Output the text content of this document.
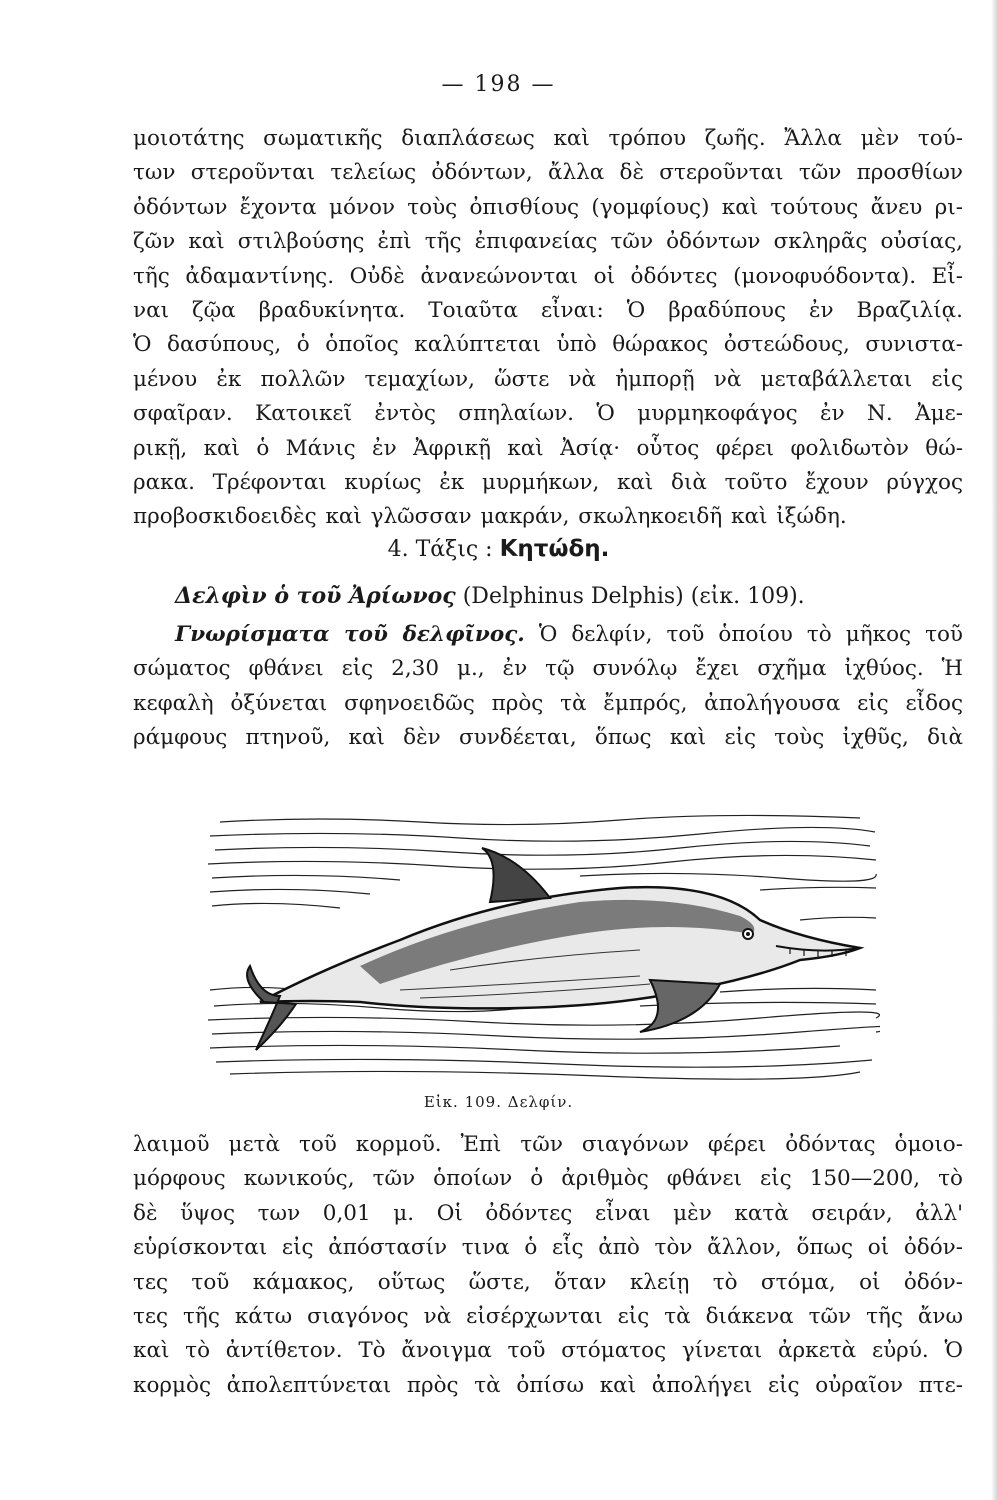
— 198 —
μοιοτάτης σωματικῆς διαπλάσεως καὶ τρόπου ζωῆς. Ἄλλα μὲν τού-
των στεροῦνται τελείως ὀδόντων, ἄλλα δὲ στεροῦνται τῶν προσθίων
ὀδόντων ἔχοντα μόνον τοὺς ὀπισθίους (γομφίους) καὶ τούτους ἄνευ ρι-
ζῶν καὶ στιλβούσης ἐπὶ τῆς ἐπιφανείας τῶν ὀδόντων σκληρᾶς οὐσίας,
τῆς ἀδαμαντίνης. Οὐδὲ ἀνανεώνονται οἱ ὀδόντες (μονοφυόδοντα). Εἶ-
ναι ζῷα βραδυκίνητα. Τοιαῦτα εἶναι: Ὁ βραδύπους ἐν Βραζιλίᾳ.
Ὁ δασύπους, ὁ ὁποῖος καλύπτεται ὑπὸ θώρακος ὀστεώδους, συνιστα-
μένου ἐκ πολλῶν τεμαχίων, ὥστε νὰ ἠμπορῇ νὰ μεταβάλλεται εἰς
σφαῖραν. Κατοικεῖ ἐντὸς σπηλαίων. Ὁ μυρμηκοφάγος ἐν Ν. Ἀμε-
ρικῇ, καὶ ὁ Μάνις ἐν Ἀφρικῇ καὶ Ἀσίᾳ· οὗτος φέρει φολιδωτὸν θώ-
ρακα. Τρέφονται κυρίως ἐκ μυρμήκων, καὶ διὰ τοῦτο ἔχουν ρύγχος
προβοσκιδοειδὲς καὶ γλῶσσαν μακράν, σκωληκοειδῆ καὶ ἰξώδη.
4. Τάξις : Κητώδη.
Δελφὶν ὁ τοῦ Ἀρίωνος (Delphinus Delphis) (εἰκ. 109).
Γνωρίσματα τοῦ δελφῖνος. Ὁ δελφίν, τοῦ ὁποίου τὸ μῆκος τοῦ
σώματος φθάνει εἰς 2,30 μ., ἐν τῷ συνόλῳ ἔχει σχῆμα ἰχθύος. Ἡ
κεφαλὴ ὀξύνεται σφηνοειδῶς πρὸς τὰ ἔμπρός, ἀπολήγουσα εἰς εἶδος
ράμφους πτηνοῦ, καὶ δὲν συνδέεται, ὅπως καὶ εἰς τοὺς ἰχθῦς, διὰ
Εἰκ. 109. Δελφίν.
λαιμοῦ μετὰ τοῦ κορμοῦ. Ἐπὶ τῶν σιαγόνων φέρει ὀδόντας ὁμοιο-
μόρφους κωνικούς, τῶν ὁποίων ὁ ἀριθμὸς φθάνει εἰς 150—200, τὸ
δὲ ὕψος των 0,01 μ. Οἱ ὀδόντες εἶναι μὲν κατὰ σειράν, ἀλλ'
εὑρίσκονται εἰς ἀπόστασίν τινα ὁ εἷς ἀπὸ τὸν ἄλλον, ὅπως οἱ ὀδόν-
τες τοῦ κάμακος, οὕτως ὥστε, ὅταν κλείῃ τὸ στόμα, οἱ ὀδόν-
τες τῆς κάτω σιαγόνος νὰ εἰσέρχωνται εἰς τὰ διάκενα τῶν τῆς ἄνω
καὶ τὸ ἀντίθετον. Τὸ ἄνοιγμα τοῦ στόματος γίνεται ἀρκετὰ εὐρύ. Ὁ
κορμὸς ἀπολεπτύνεται πρὸς τὰ ὀπίσω καὶ ἀπολήγει εἰς οὐραῖον πτε-
